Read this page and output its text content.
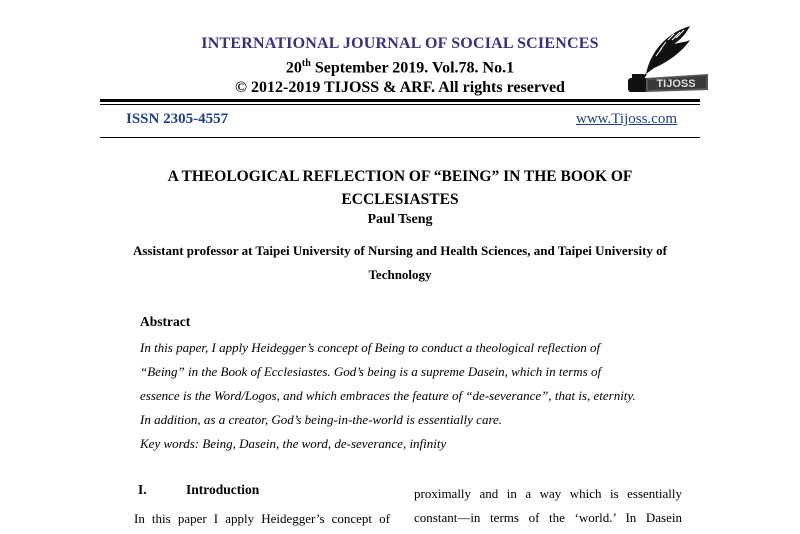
INTERNATIONAL JOURNAL OF SOCIAL SCIENCES
20th September 2019. Vol.78. No.1
© 2012-2019 TIJOSS & ARF. All rights reserved	TIJOSS
ISSN 2305-4557	www.Tijoss.com
A THEOLOGICAL REFLECTION OF “BEING” IN THE BOOK OF
ECCLESIASTES
Paul Tseng
Assistant professor at Taipei University of Nursing and Health Sciences, and Taipei University of
Technology
Abstract
In this paper, I apply Heidegger’s concept of Being to conduct a theological reflection of
“Being” in the Book of Ecclesiastes. God’s being is a supreme Dasein, which in terms of
essence is the Word/Logos, and which embraces the feature of “de-severance”, that is, eternity.
In addition, as a creator, God’s being-in-the-world is essentially care.
Key words: Being, Dasein, the word, de-severance, infinity
I.	Introduction
In this paper I apply Heidegger’s concept of
proximally and in a way which is essentially
constant—in terms of the ‘world.’ In Dasein
